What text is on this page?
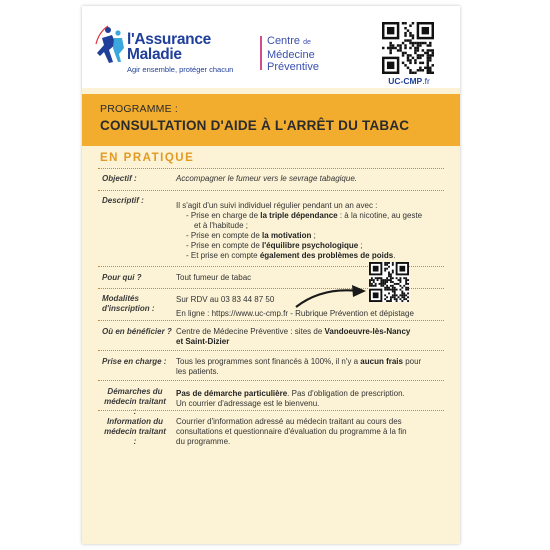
l'Assurance
Maladie
Agir ensemble, protéger chacun
Centre de
Médecine
Préventive
UC-CMP.fr
PROGRAMME :
CONSULTATION D'AIDE À L'ARRÊT DU TABAC
EN PRATIQUE
Objectif :	Accompagner le fumeur vers le sevrage tabagique.
Descriptif :
Il s'agit d'un suivi individuel régulier pendant un an avec :
- Prise en charge de la triple dépendance : à la nicotine, au geste
et à l'habitude ;
- Prise en compte de la motivation ;
- Prise en compte de l'équilibre psychologique ;
- Et prise en compte également des problèmes de poids.
Pour qui ?	Tout fumeur de tabac
Modalités
d'inscription :
Sur RDV au 03 83 44 87 50
En ligne : https://www.uc-cmp.fr - Rubrique Prévention et dépistage
Où en bénéficier ? Centre de Médecine Préventive : sites de Vandoeuvre-lès-Nancy
et Saint-Dizier
Prise en charge : Tous les programmes sont financés à 100%, il n'y a aucun frais pour
les patients.
Démarches du
médecin traitant :
Pas de démarche particulière. Pas d'obligation de prescription.
Un courrier d'adressage est le bienvenu.
Information du
médecin traitant :
Courrier d'information adressé au médecin traitant au cours des
consultations et questionnaire d'évaluation du programme à la fin
du programme.
